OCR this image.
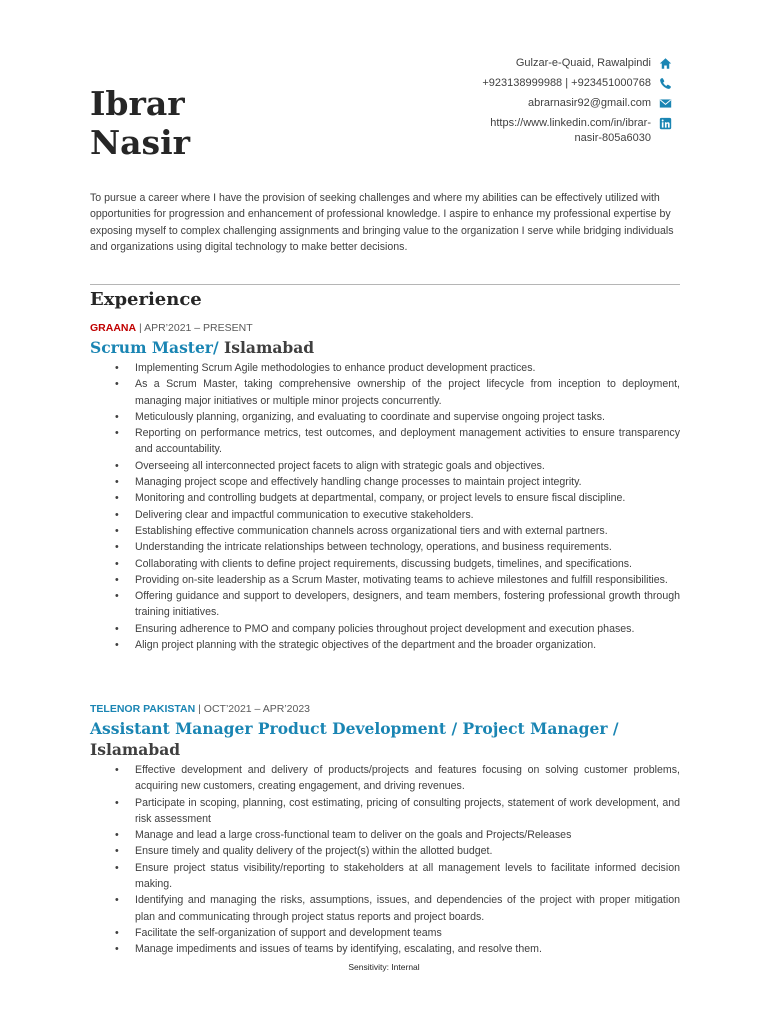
Ibrar
Nasir
Gulzar-e-Quaid, Rawalpindi
+923138999988 | +923451000768
abrarnasir92@gmail.com
https://www.linkedin.com/in/ibrar-
nasir-805a6030

To pursue a career where I have the provision of seeking challenges and where my abilities can be effectively utilized with opportunities for progression and enhancement of professional knowledge. I aspire to enhance my professional expertise by exposing myself to complex challenging assignments and bringing value to the organization I serve while bridging individuals and organizations using digital technology to make better decisions.

Experience
GRAANA | APR’2021 – PRESENT
Scrum Master/ Islamabad
• Implementing Scrum Agile methodologies to enhance product development practices.
• As a Scrum Master, taking comprehensive ownership of the project lifecycle from inception to deployment, managing major initiatives or multiple minor projects concurrently.
• Meticulously planning, organizing, and evaluating to coordinate and supervise ongoing project tasks.
• Reporting on performance metrics, test outcomes, and deployment management activities to ensure transparency and accountability.
• Overseeing all interconnected project facets to align with strategic goals and objectives.
• Managing project scope and effectively handling change processes to maintain project integrity.
• Monitoring and controlling budgets at departmental, company, or project levels to ensure fiscal discipline.
• Delivering clear and impactful communication to executive stakeholders.
• Establishing effective communication channels across organizational tiers and with external partners.
• Understanding the intricate relationships between technology, operations, and business requirements.
• Collaborating with clients to define project requirements, discussing budgets, timelines, and specifications.
• Providing on-site leadership as a Scrum Master, motivating teams to achieve milestones and fulfill responsibilities.
• Offering guidance and support to developers, designers, and team members, fostering professional growth through training initiatives.
• Ensuring adherence to PMO and company policies throughout project development and execution phases.
• Align project planning with the strategic objectives of the department and the broader organization.
TELENOR PAKISTAN | OCT’2021 – APR’2023
Assistant Manager Product Development / Project Manager / Islamabad
• Effective development and delivery of products/projects and features focusing on solving customer problems, acquiring new customers, creating engagement, and driving revenues.
• Participate in scoping, planning, cost estimating, pricing of consulting projects, statement of work development, and risk assessment
• Manage and lead a large cross-functional team to deliver on the goals and Projects/Releases
• Ensure timely and quality delivery of the project(s) within the allotted budget.
• Ensure project status visibility/reporting to stakeholders at all management levels to facilitate informed decision making.
• Identifying and managing the risks, assumptions, issues, and dependencies of the project with proper mitigation plan and communicating through project status reports and project boards.
• Facilitate the self-organization of support and development teams
• Manage impediments and issues of teams by identifying, escalating, and resolve them.
Sensitivity: Internal
